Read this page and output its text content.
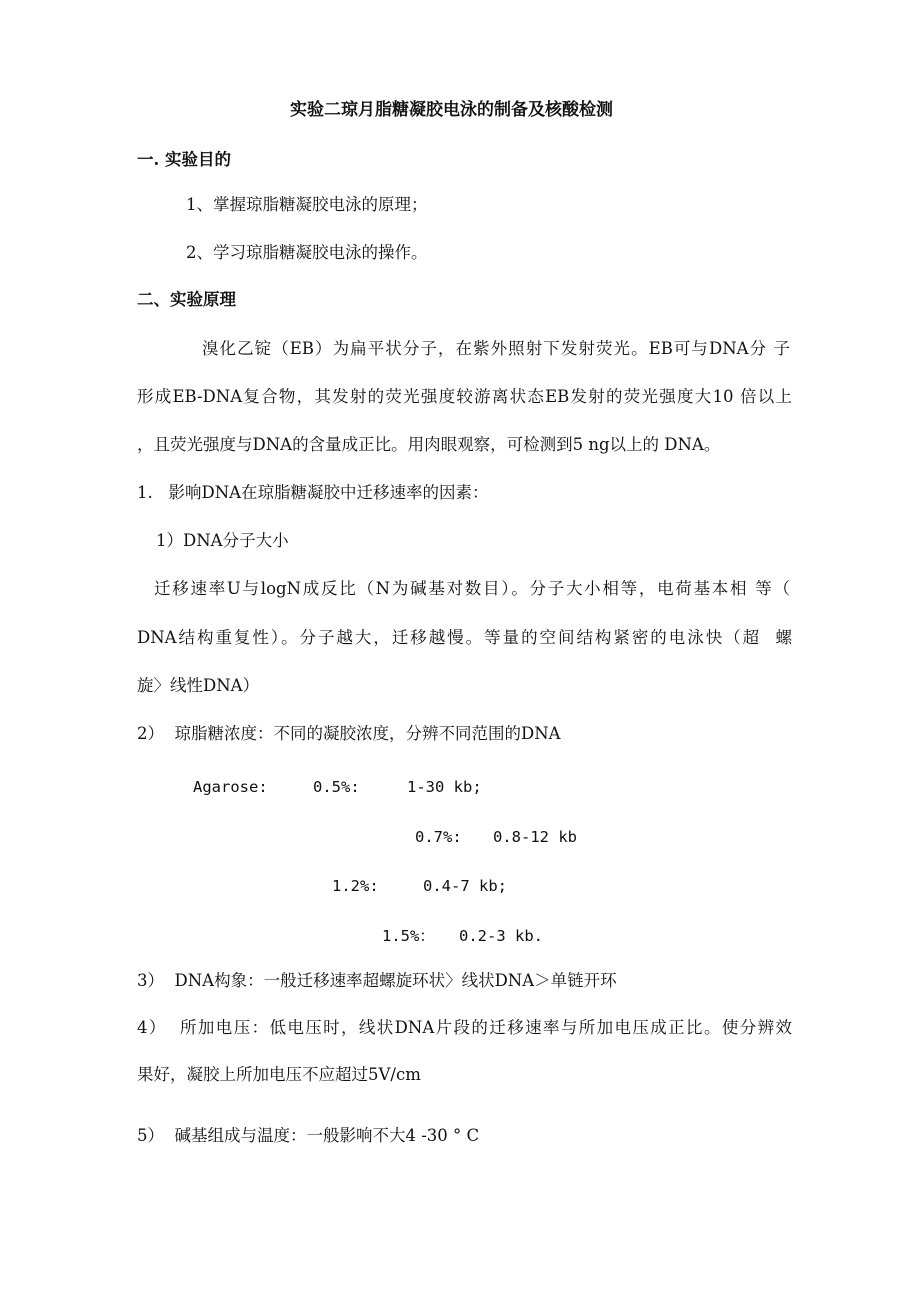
实验二琼月脂糖凝胶电泳的制备及核酸检测
一. 实验目的
1、掌握琼脂糖凝胶电泳的原理；
2、学习琼脂糖凝胶电泳的操作。
二、实验原理
溴化乙锭（EB）为扁平状分子，在紫外照射下发射荧光。EB可与DNA分 子
形成EB-DNA复合物，其发射的荧光强度较游离状态EB发射的荧光强度大10 倍以上
，且荧光强度与DNA的含量成正比。用肉眼观察，可检测到5 ng以上的 DNA。
1.   影响DNA在琼脂糖凝胶中迁移速率的因素：
1）DNA分子大小
迁移速率U与logN成反比（N为碱基对数目）。分子大小相等，电荷基本相 等（
DNA结构重复性）。分子越大，迁移越慢。等量的空间结构紧密的电泳快（超  螺
旋〉线性DNA）
2）  琼脂糖浓度：不同的凝胶浓度，分辨不同范围的DNA
Agarose:	0.5%:	1-30 kb;
0.7%: 0.8-12 kb
1.2%:	0.4-7 kb;
1.5%： 0.2-3 kb.
3）  DNA构象：一般迁移速率超螺旋环状〉线状DNA＞单链开环
4）  所加电压：低电压时，线状DNA片段的迁移速率与所加电压成正比。使分辨效
果好，凝胶上所加电压不应超过5V/cm
5）  碱基组成与温度：一般影响不大4 -30 ° C
